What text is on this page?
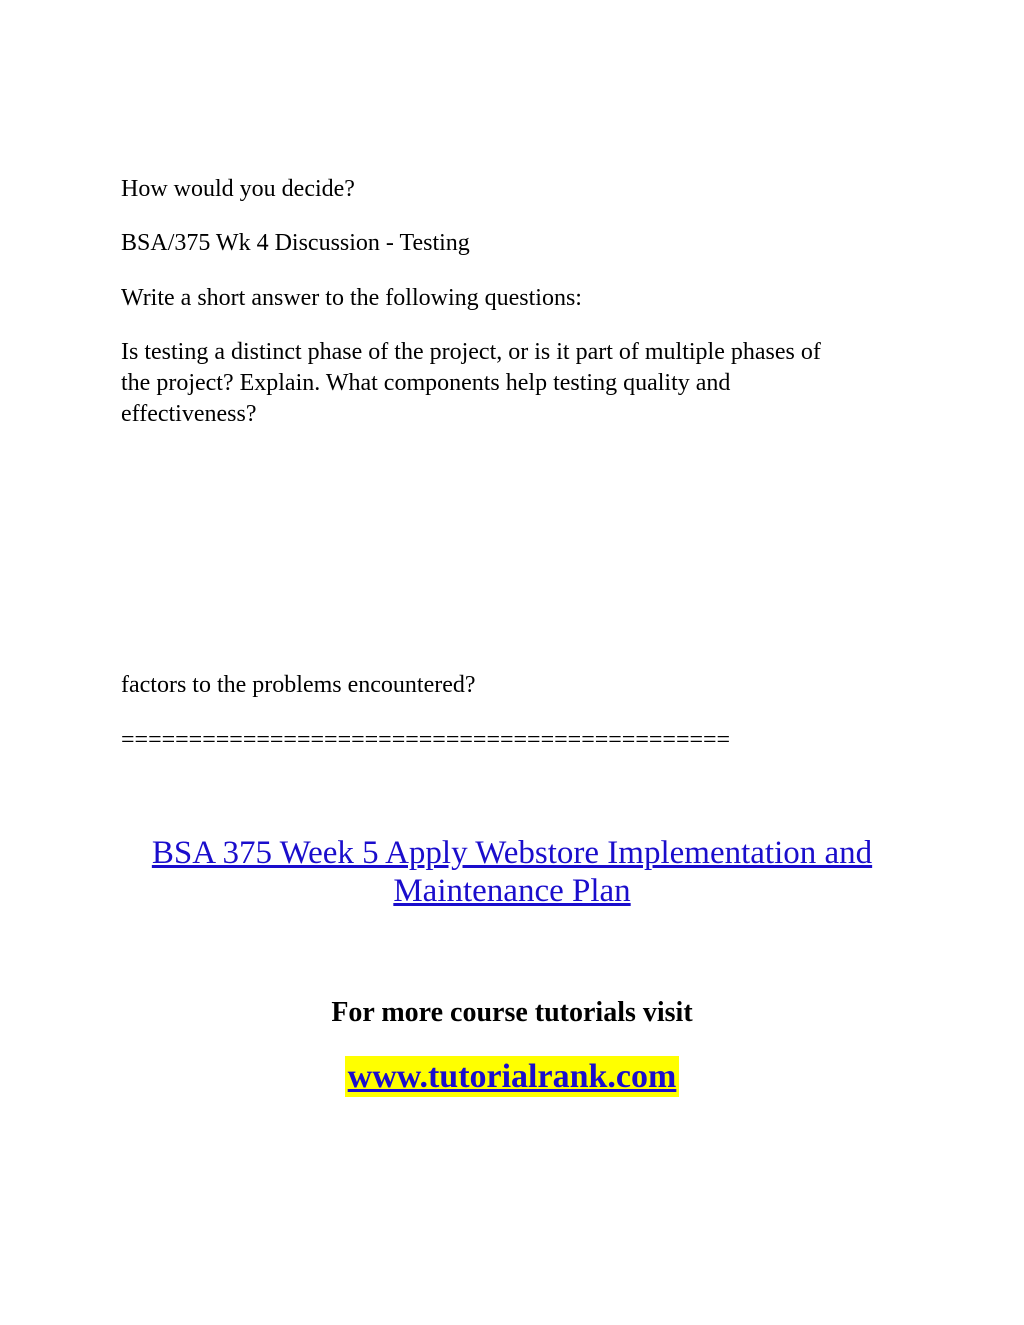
How would you decide?

BSA/375 Wk 4 Discussion - Testing

Write a short answer to the following questions:

Is testing a distinct phase of the project, or is it part of multiple phases of
the project? Explain. What components help testing quality and
effectiveness?

factors to the problems encountered?

=============================================

BSA 375 Week 5 Apply Webstore Implementation and
Maintenance Plan

For more course tutorials visit

www.tutorialrank.com
